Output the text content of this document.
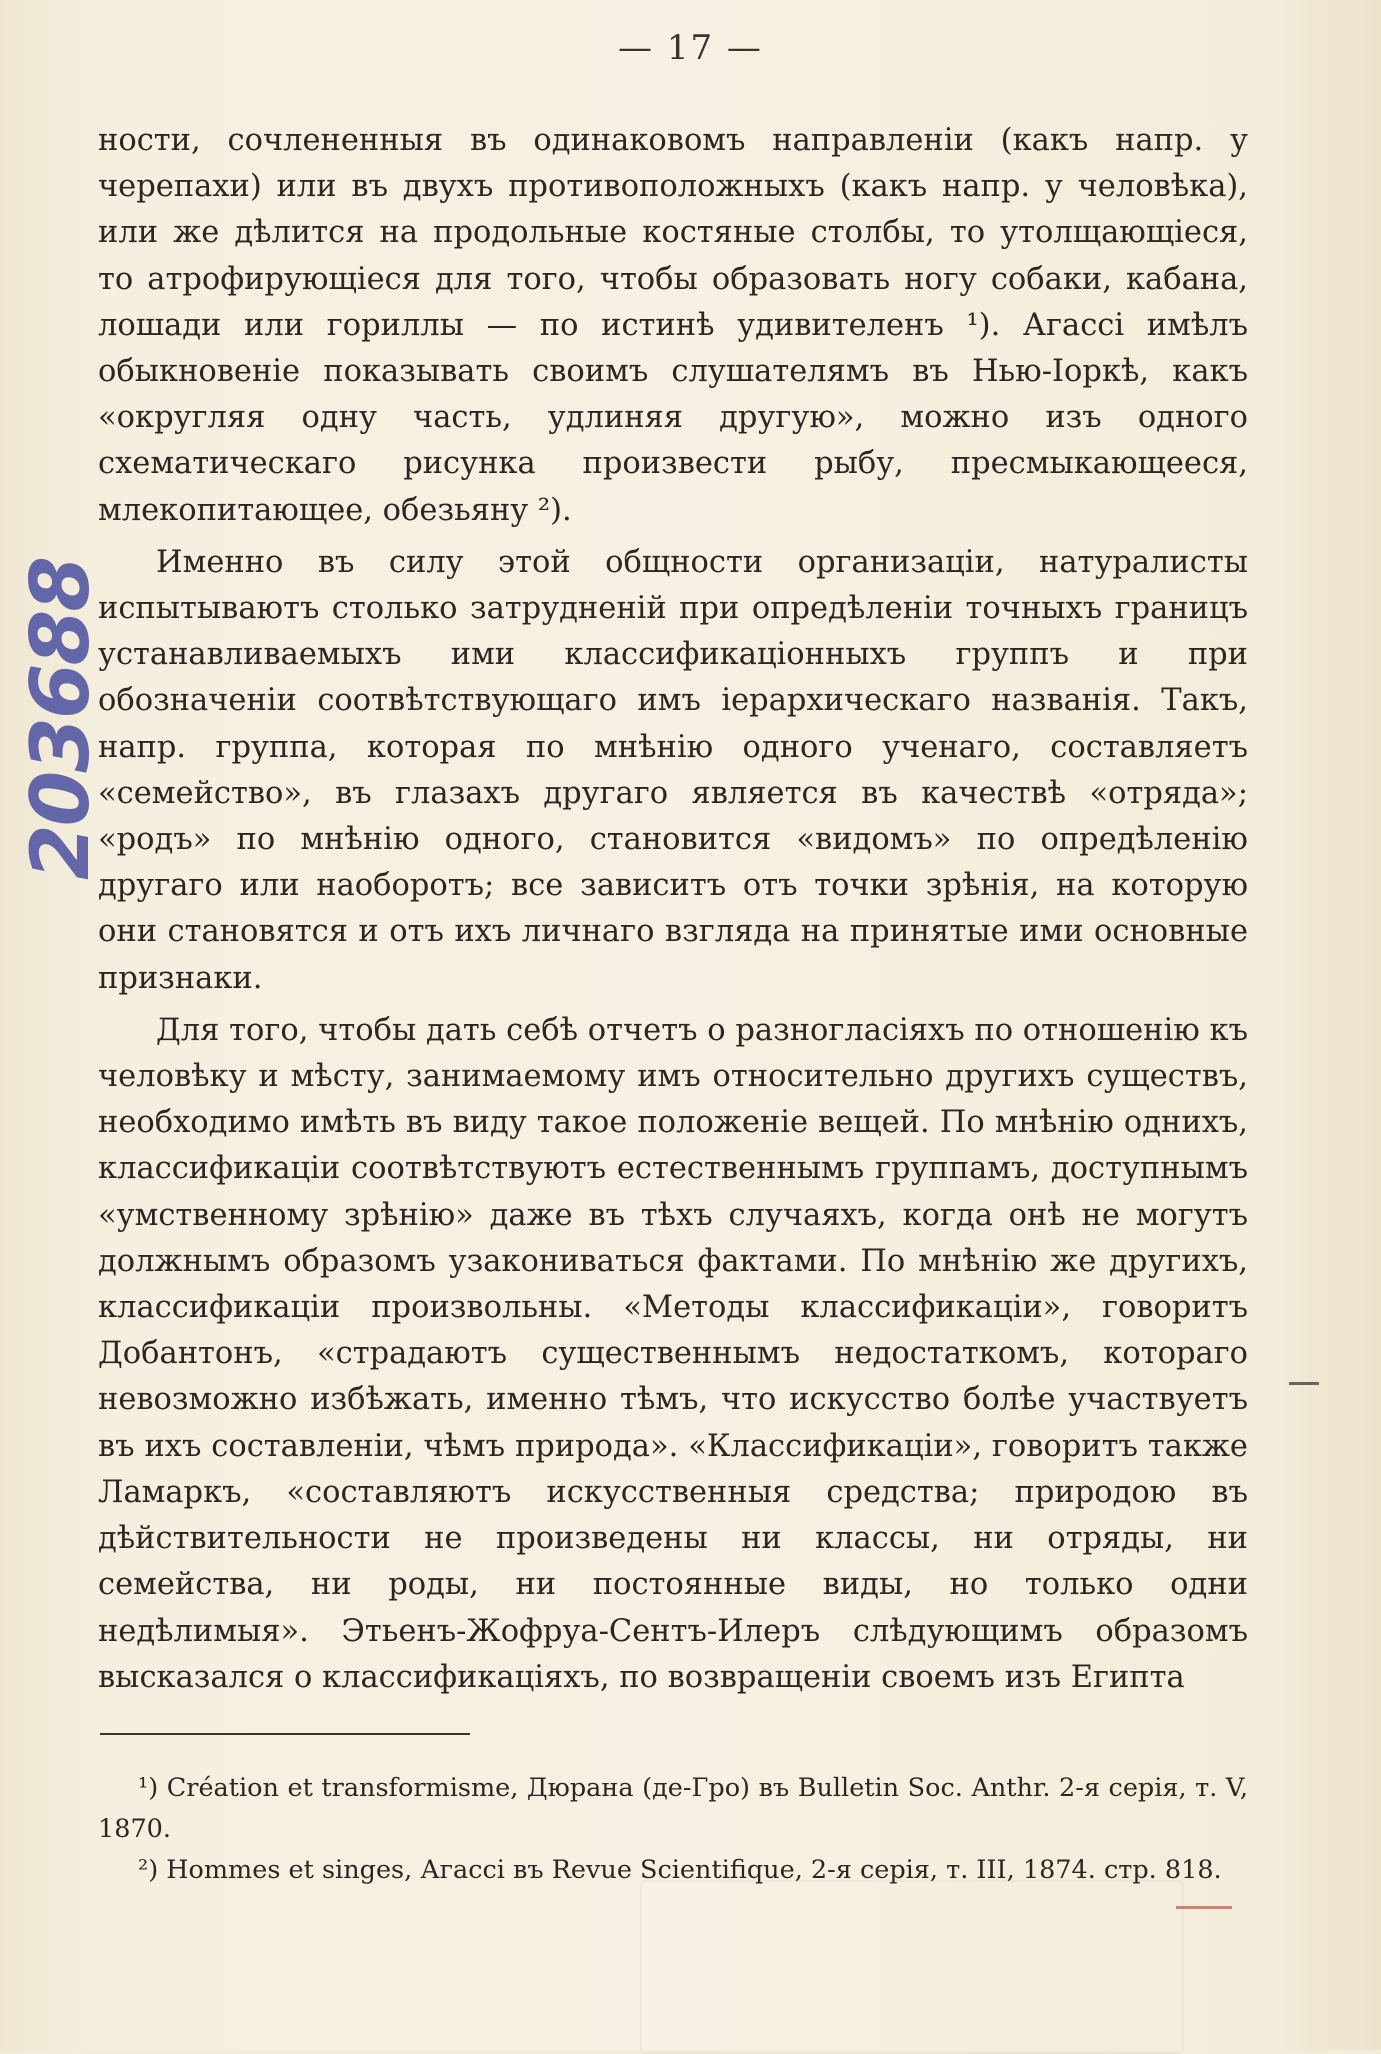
— 17 —
203688

ности, сочлененныя въ одинаковомъ направленіи (какъ напр. у черепахи) или въ двухъ противоположныхъ (какъ напр. у человѣка), или же дѣлится на продольные костяные столбы, то утолщающіеся, то атрофирующіеся для того, чтобы образовать ногу собаки, кабана, лошади или гориллы — по истинѣ удивителенъ ¹). Агассі имѣлъ обыкновеніе показывать своимъ слушателямъ въ Нью-Іоркѣ, какъ «округляя одну часть, удлиняя другую», можно изъ одного схематическаго рисунка произвести рыбу, пресмыкающееся, млекопитающее, обезьяну ²).

Именно въ силу этой общности организаціи, натуралисты испытываютъ столько затрудненій при опредѣленіи точныхъ границъ устанавливаемыхъ ими классификаціонныхъ группъ и при обозначеніи соотвѣтствующаго имъ іерархическаго названія. Такъ, напр. группа, которая по мнѣнію одного ученаго, составляетъ «семейство», въ глазахъ другаго является въ качествѣ «отряда»; «родъ» по мнѣнію одного, становится «видомъ» по опредѣленію другаго или наоборотъ; все зависитъ отъ точки зрѣнія, на которую они становятся и отъ ихъ личнаго взгляда на принятые ими основные признаки.

Для того, чтобы дать себѣ отчетъ о разногласіяхъ по отношенію къ человѣку и мѣсту, занимаемому имъ относительно другихъ существъ, необходимо имѣть въ виду такое положеніе вещей. По мнѣнію однихъ, классификаціи соотвѣтствуютъ естественнымъ группамъ, доступнымъ «умственному зрѣнію» даже въ тѣхъ случаяхъ, когда онѣ не могутъ должнымъ образомъ узакониваться фактами. По мнѣнію же другихъ, классификаціи произвольны. «Методы классификаціи», говоритъ Добантонъ, «страдаютъ существеннымъ недостаткомъ, котораго невозможно избѣжать, именно тѣмъ, что искусство болѣе участвуетъ въ ихъ составленіи, чѣмъ природа». «Классификаціи», говоритъ также Ламаркъ, «составляютъ искусственныя средства; природою въ дѣйствительности не произведены ни классы, ни отряды, ни семейства, ни роды, ни постоянные виды, но только одни недѣлимыя». Этьенъ-Жофруа-Сентъ-Илеръ слѣдующимъ образомъ высказался о классификаціяхъ, по возвращеніи своемъ изъ Египта

¹) Création et transformisme, Дюрана (де-Гро) въ Bulletin Soc. Anthr. 2-я серія, т. V, 1870.

²) Hommes et singes, Агассі въ Revue Scientifique, 2-я серія, т. III, 1874. стр. 818.
